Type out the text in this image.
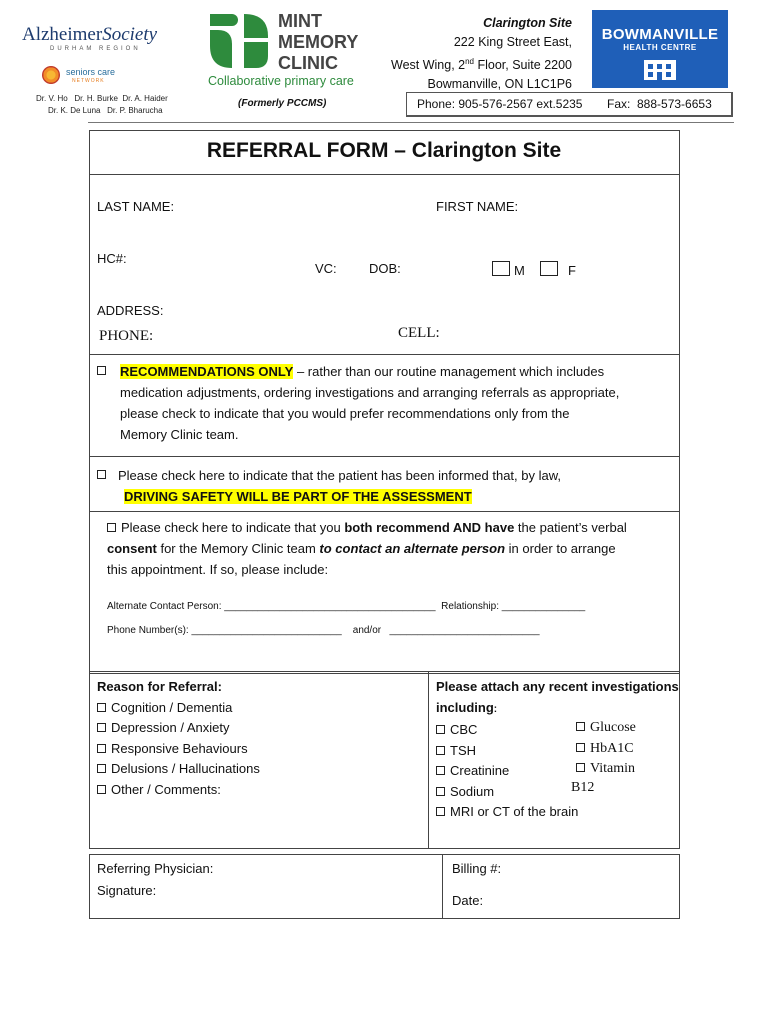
AlzheimerSociety
DURHAM REGION
seniors care
NETWORK
Dr. V. Ho   Dr. H. Burke  Dr. A. Haider
Dr. K. De Luna   Dr. P. Bharucha
MINT
MEMORY
CLINIC
Collaborative primary care
(Formerly PCCMS)
Clarington Site
222 King Street East,
West Wing, 2nd Floor, Suite 2200
Bowmanville, ON L1C1P6
BOWMANVILLE
HEALTH CENTRE
Phone: 905-576-2567 ext.5235 Fax:  888-573-6653
REFERRAL FORM – Clarington Site
LAST NAME:	FIRST NAME:
HC#:
VC: DOB:	M	F
ADDRESS:
PHONE:	CELL:
RECOMMENDATIONS ONLY – rather than our routine management which includes
medication adjustments, ordering investigations and arranging referrals as appropriate,
please check to indicate that you would prefer recommendations only from the
Memory Clinic team.
Please check here to indicate that the patient has been informed that, by law,
DRIVING SAFETY WILL BE PART OF THE ASSESSMENT
Please check here to indicate that you both recommend AND have the patient’s verbal
consent for the Memory Clinic team to contact an alternate person in order to arrange
this appointment. If so, please include:
Alternate Contact Person: ______________________________________  Relationship: _______________
Phone Number(s): ___________________________    and/or   ___________________________
Reason for Referral:
Cognition / Dementia
Depression / Anxiety
Responsive Behaviours
Delusions / Hallucinations
Other / Comments:
Please attach any recent investigations
including:
CBC
TSH
Creatinine
Sodium
MRI or CT of the brain
Glucose
HbA1C
Vitamin
B12
Referring Physician:
Signature:
Billing #:
Date:
